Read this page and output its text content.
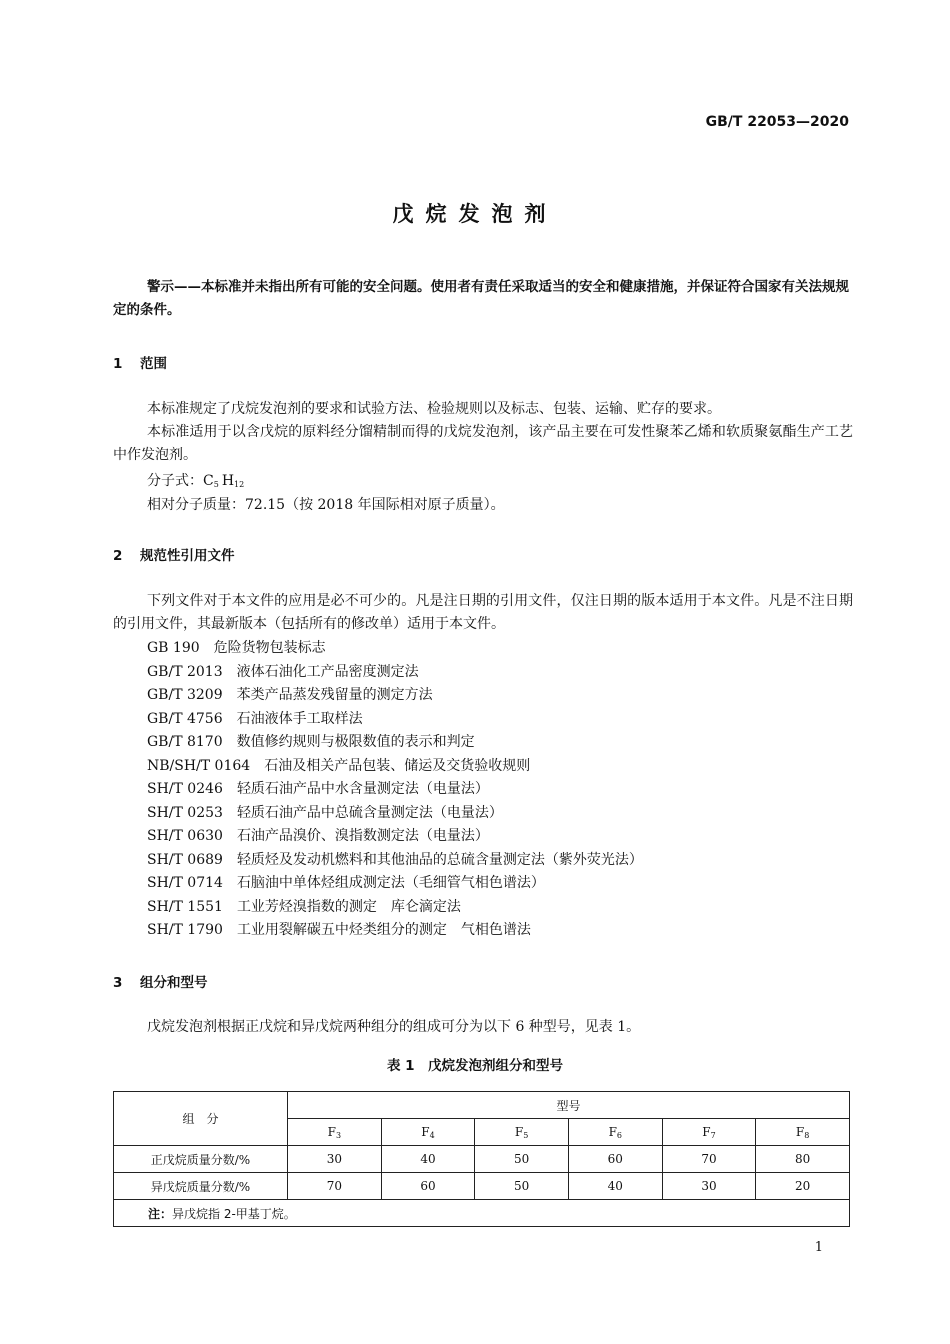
GB/T 22053—2020
戊烷发泡剂
警示——本标准并未指出所有可能的安全问题。使用者有责任采取适当的安全和健康措施，并保证符合国家有关法规规定的条件。
1 范围
本标准规定了戊烷发泡剂的要求和试验方法、检验规则以及标志、包装、运输、贮存的要求。
本标准适用于以含戊烷的原料经分馏精制而得的戊烷发泡剂，该产品主要在可发性聚苯乙烯和软质聚氨酯生产工艺中作发泡剂。
分子式：$C_5$ $H_{12}$
相对分子质量：72.15（按 2018 年国际相对原子质量）。
2 规范性引用文件
下列文件对于本文件的应用是必不可少的。凡是注日期的引用文件，仅注日期的版本适用于本文件。凡是不注日期的引用文件，其最新版本（包括所有的修改单）适用于本文件。
GB 190 危险货物包装标志
GB/T 2013 液体石油化工产品密度测定法
GB/T 3209 苯类产品蒸发残留量的测定方法
GB/T 4756 石油液体手工取样法
GB/T 8170 数值修约规则与极限数值的表示和判定
NB/SH/T 0164 石油及相关产品包装、储运及交货验收规则
SH/T 0246 轻质石油产品中水含量测定法（电量法）
SH/T 0253 轻质石油产品中总硫含量测定法（电量法）
SH/T 0630 石油产品溴价、溴指数测定法（电量法）
SH/T 0689 轻质烃及发动机燃料和其他油品的总硫含量测定法（紫外荧光法）
SH/T 0714 石脑油中单体烃组成测定法（毛细管气相色谱法）
SH/T 1551 工业芳烃溴指数的测定　库仑滴定法
SH/T 1790 工业用裂解碳五中烃类组分的测定　气相色谱法
3 组分和型号
戊烷发泡剂根据正戊烷和异戊烷两种组分的组成可分为以下 6 种型号，见表 1。
表 1　戊烷发泡剂组分和型号
组　分	型号					
	$F_3$	$F_4$	$F_5$	$F_6$	$F_7$	$F_8$
正戊烷质量分数/%	30	40	50	60	70	80
异戊烷质量分数/%	70	60	50	40	30	20
注：异戊烷指 2-甲基丁烷。						
1
